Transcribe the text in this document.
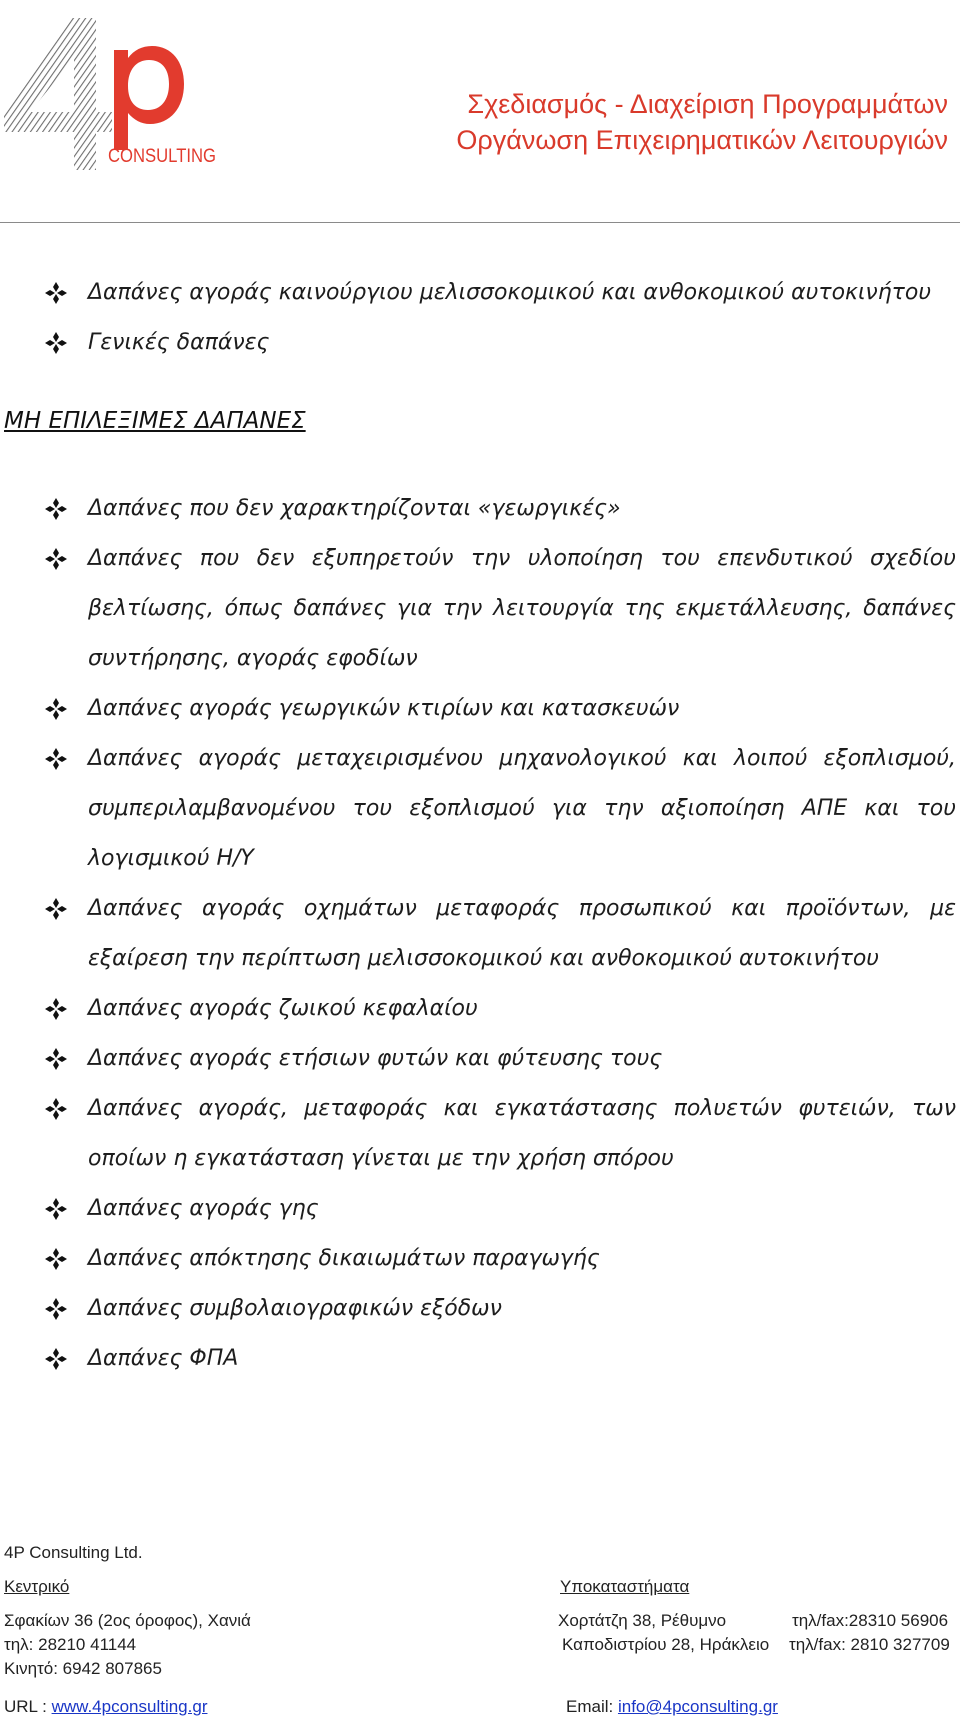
CONSULTING
Σχεδιασμός - Διαχείριση Προγραμμάτων
Οργάνωση Επιχειρηματικών Λειτουργιών
Δαπάνες αγοράς καινούργιου μελισσοκομικού και ανθοκομικού αυτοκινήτου
Γενικές δαπάνες
ΜΗ ΕΠΙΛΕΞΙΜΕΣ ΔΑΠΑΝΕΣ
Δαπάνες που δεν χαρακτηρίζονται «γεωργικές»
Δαπάνες που δεν εξυπηρετούν την υλοποίηση του επενδυτικού σχεδίου βελτίωσης, όπως δαπάνες για την λειτουργία της εκμετάλλευσης, δαπάνες συντήρησης, αγοράς εφοδίων
Δαπάνες αγοράς γεωργικών κτιρίων και κατασκευών
Δαπάνες αγοράς μεταχειρισμένου μηχανολογικού και λοιπού εξοπλισμού, συμπεριλαμβανομένου του εξοπλισμού για την αξιοποίηση ΑΠΕ και του λογισμικού Η/Υ
Δαπάνες αγοράς οχημάτων μεταφοράς προσωπικού και προϊόντων, με εξαίρεση την περίπτωση μελισσοκομικού και ανθοκομικού αυτοκινήτου
Δαπάνες αγοράς ζωικού κεφαλαίου
Δαπάνες αγοράς ετήσιων φυτών και φύτευσης τους
Δαπάνες αγοράς, μεταφοράς και εγκατάστασης πολυετών φυτειών, των οποίων η εγκατάσταση γίνεται με την χρήση σπόρου
Δαπάνες αγοράς γης
Δαπάνες απόκτησης δικαιωμάτων παραγωγής
Δαπάνες συμβολαιογραφικών εξόδων
Δαπάνες ΦΠΑ
4P Consulting Ltd.
Κεντρικό	Υποκαταστήματα
Σφακίων 36 (2ος όροφος), Χανιά	Χορτάτζη 38, Ρέθυμνο	τηλ/fax:28310 56906
τηλ: 28210 41144	Καποδιστρίου 28, Ηράκλειο τηλ/fax: 2810 327709
Κινητό: 6942 807865
URL : www.4pconsulting.gr	Email: info@4pconsulting.gr
